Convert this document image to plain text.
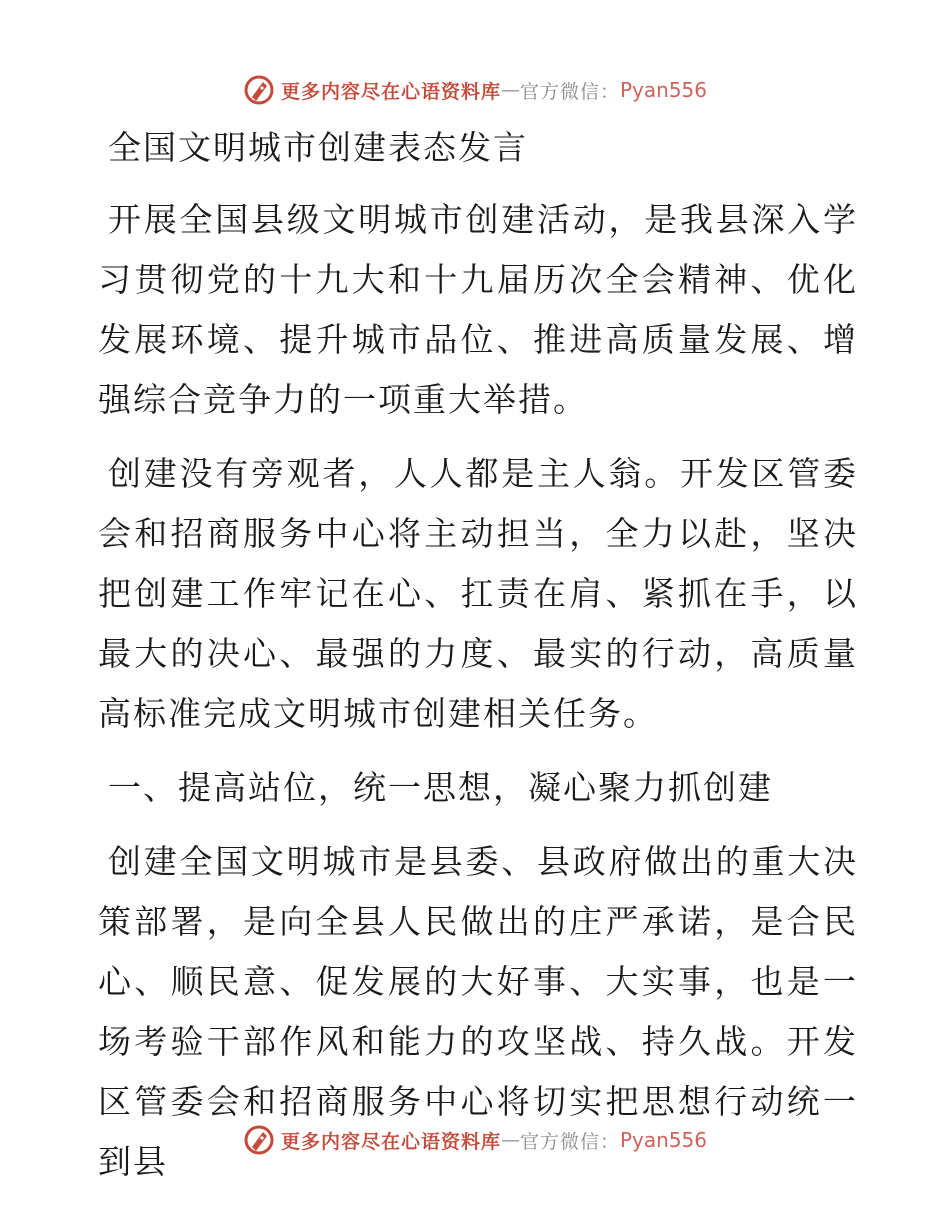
更多内容尽在心语资料库 — 官方微信： Pyan556
全国文明城市创建表态发言

开展全国县级文明城市创建活动，是我县深入学习贯彻党的十九大和十九届历次全会精神、优化发展环境、提升城市品位、推进高质量发展、增强综合竞争力的一项重大举措。

创建没有旁观者，人人都是主人翁。开发区管委会和招商服务中心将主动担当，全力以赴，坚决把创建工作牢记在心、扛责在肩、紧抓在手，以最大的决心、最强的力度、最实的行动，高质量高标准完成文明城市创建相关任务。

一、提高站位，统一思想，凝心聚力抓创建

创建全国文明城市是县委、县政府做出的重大决策部署，是向全县人民做出的庄严承诺，是合民心、顺民意、促发展的大好事、大实事，也是一场考验干部作风和能力的攻坚战、持久战。开发区管委会和招商服务中心将切实把思想行动统一到县

更多内容尽在心语资料库 — 官方微信： Pyan556
